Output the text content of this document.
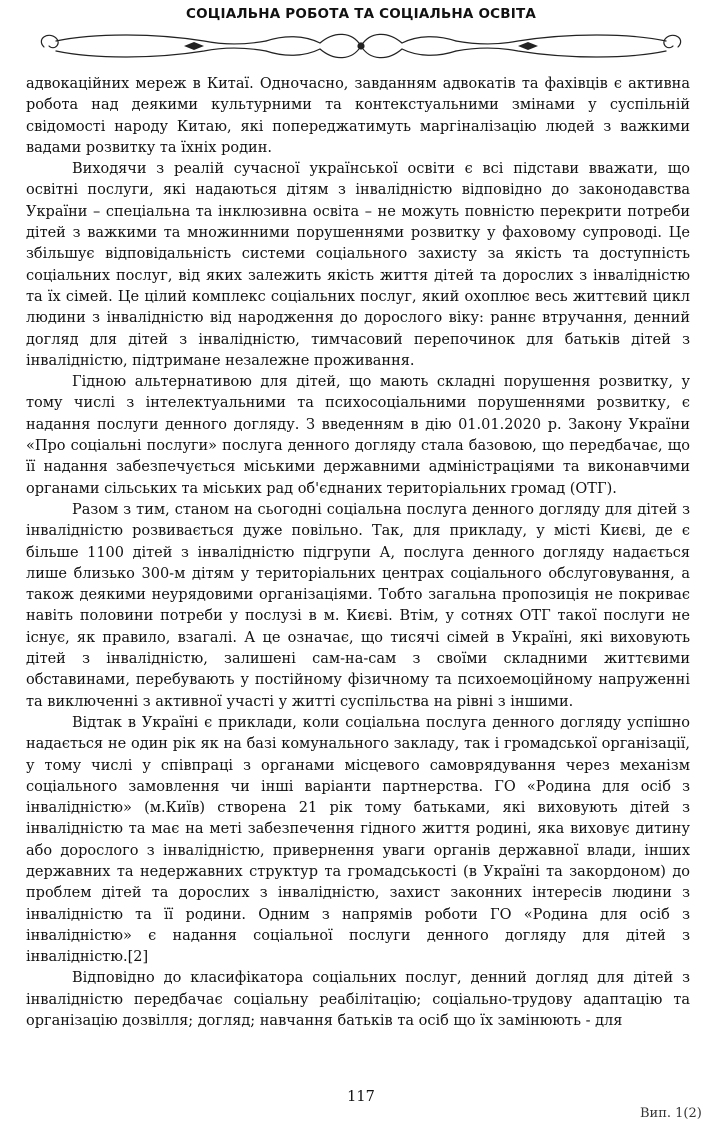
СОЦІАЛЬНА РОБОТА ТА СОЦІАЛЬНА ОСВІТА

адвокаційних мереж в Китаї. Одночасно, завданням адвокатів та фахівців є активна робота над деякими культурними та контекстуальними змінами у суспільній свідомості народу Китаю, які попереджатимуть маргіналізацію людей з важкими вадами розвитку та їхніх родин.

Виходячи з реалій сучасної української освіти є всі підстави вважати, що освітні послуги, які надаються дітям з інвалідністю відповідно до законодавства України – спеціальна та інклюзивна освіта – не можуть повністю перекрити потреби дітей з важкими та множинними порушеннями розвитку у фаховому супроводі. Це збільшує відповідальність системи соціального захисту за якість та доступність соціальних послуг, від яких залежить якість життя дітей та дорослих з інвалідністю та їх сімей. Це цілий комплекс соціальних послуг, який охоплює весь життєвий цикл людини з інвалідністю від народження до дорослого віку: раннє втручання, денний догляд для дітей з інвалідністю, тимчасовий перепочинок для батьків дітей з інвалідністю, підтримане незалежне проживання.

Гідною альтернативою для дітей, що мають складні порушення розвитку, у тому числі з інтелектуальними та психосоціальними порушеннями розвитку, є надання послуги денного догляду. З введенням в дію 01.01.2020 р. Закону України «Про соціальні послуги» послуга денного догляду стала базовою, що передбачає, що її надання забезпечується міськими державними адміністраціями та виконавчими органами сільських та міських рад об'єднаних територіальних громад (ОТГ).

Разом з тим, станом на сьогодні соціальна послуга денного догляду для дітей з інвалідністю розвивається дуже повільно. Так, для прикладу, у місті Києві, де є більше 1100 дітей з інвалідністю підгрупи А, послуга денного догляду надається лише близько 300-м дітям у територіальних центрах соціального обслуговування, а також деякими неурядовими організаціями. Тобто загальна пропозиція не покриває навіть половини потреби у послузі в м. Києві. Втім, у сотнях ОТГ такої послуги не існує, як правило, взагалі. А це означає, що тисячі сімей в Україні, які виховують дітей з інвалідністю, залишені сам-на-сам з своїми складними життєвими обставинами, перебувають у постійному фізичному та психоемоційному напруженні та виключенні з активної участі у житті суспільства на рівні з іншими.

Відтак в Україні є приклади, коли соціальна послуга денного догляду успішно надається не один рік як на базі комунального закладу, так і громадської організації, у тому числі у співпраці з органами місцевого самоврядування через механізм соціального замовлення чи інші варіанти партнерства. ГО «Родина для осіб з інвалідністю» (м.Київ) створена 21 рік тому батьками, які виховують дітей з інвалідністю та має на меті забезпечення гідного життя родині, яка виховує дитину або дорослого з інвалідністю, привернення уваги органів державної влади, інших державних та недержавних структур та громадськості (в Україні та закордоном) до проблем дітей та дорослих з інвалідністю, захист законних інтересів людини з інвалідністю та її родини. Одним з напрямів роботи ГО «Родина для осіб з інвалідністю» є надання соціальної послуги денного догляду для дітей з інвалідністю.[2]

Відповідно до класифікатора соціальних послуг, денний догляд для дітей з інвалідністю передбачає соціальну реабілітацію; соціально-трудову адаптацію та організацію дозвілля; догляд; навчання батьків та осіб що їх замінюють - для

117
Вип. 1(2)
